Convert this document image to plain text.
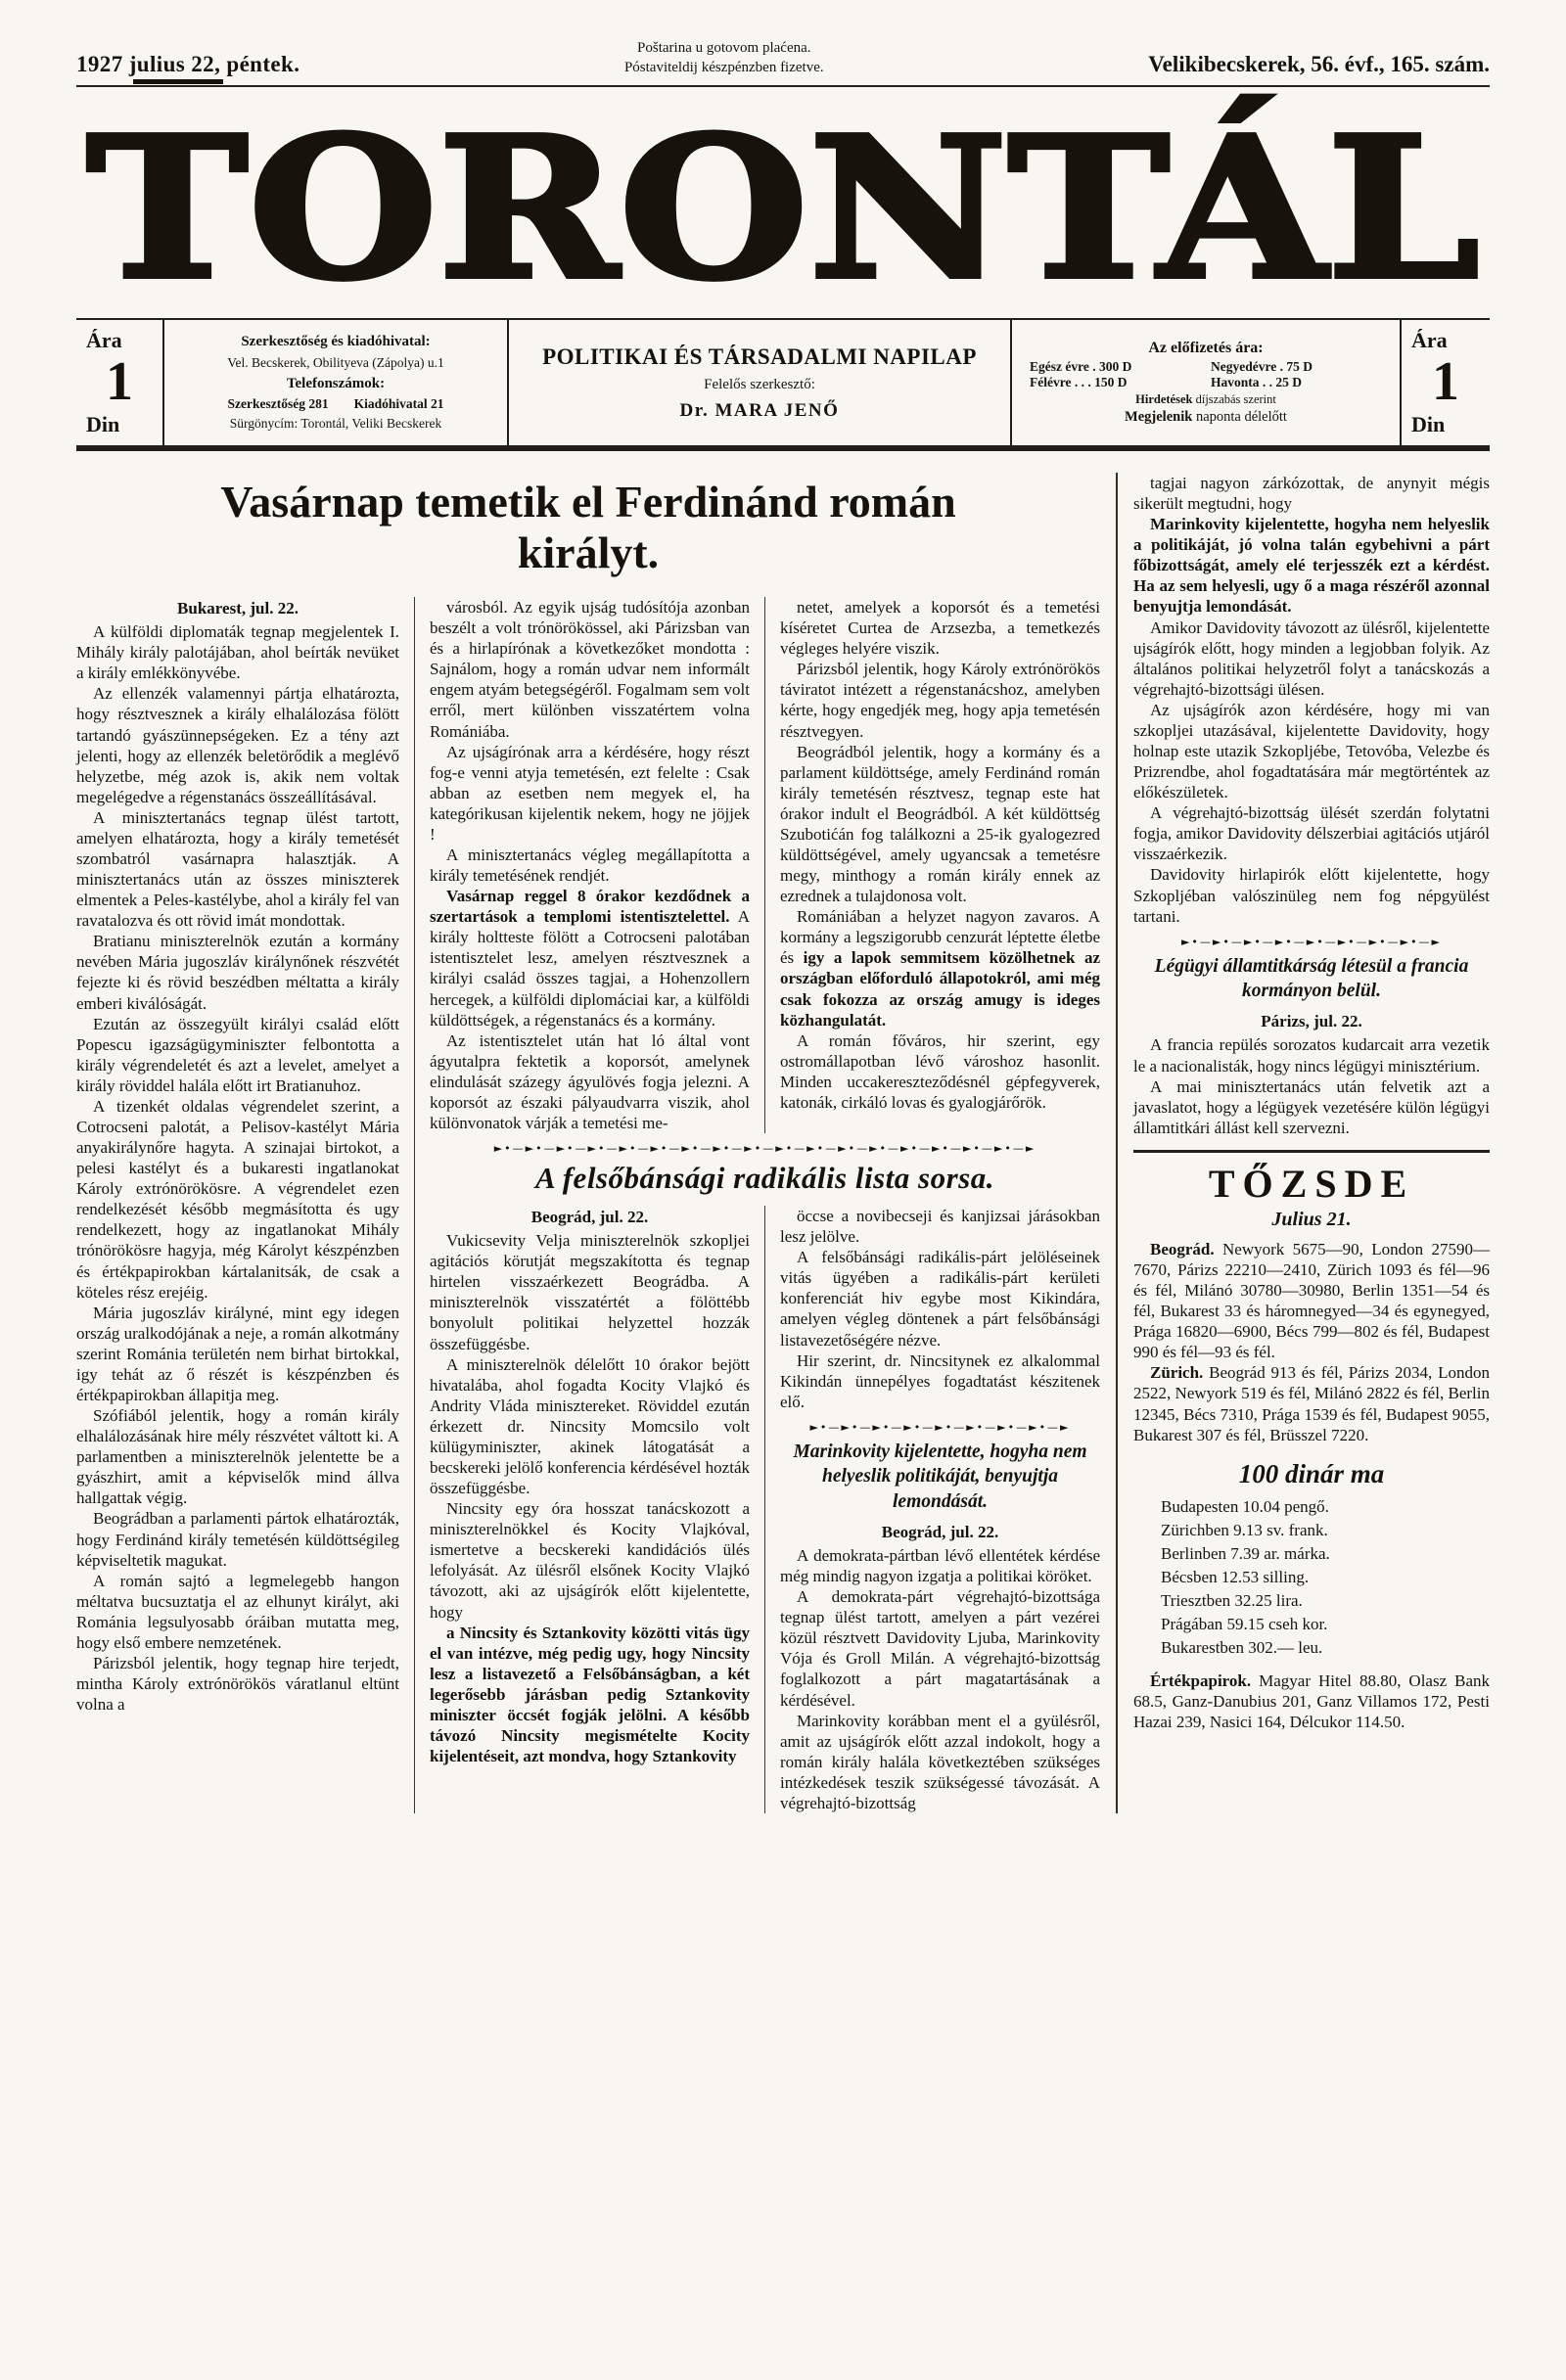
1927 julius 22, péntek.
Poštarina u gotovom plaćena.
Póstaviteldij készpénzben fizetve.	Velikibecskerek, 56. évf., 165. szám.
TORONTÁL
Ára
1
Din
Szerkesztőség és kiadóhivatal:
Vel. Becskerek, Obilityeva (Zápolya) u.1
Telefonszámok:
Szerkesztőség 281 Kiadóhivatal 21
Sürgönycím: Torontál, Veliki Becskerek
POLITIKAI ÉS TÁRSADALMI NAPILAP
Felelős szerkesztő:
Dr. MARA JENŐ
Az előfizetés ára:
Egész évre . 300 D	Negyedévre . 75 D
Félévre . . . 150 D	Havonta . . 25 D
Hirdetések díjszabás szerint
Megjelenik naponta délelőtt
Ára
1
Din
Vasárnap temetik el Ferdinánd román
királyt.

Bukarest, jul. 22.

A külföldi diplomaták tegnap megjelentek I. Mihály király palotájában, ahol beírták nevüket a király emlékkönyvébe.

Az ellenzék valamennyi pártja elhatározta, hogy résztvesznek a király elhalálozása fölött tartandó gyászünnepségeken. Ez a tény azt jelenti, hogy az ellenzék beletörődik a meglévő helyzetbe, még azok is, akik nem voltak megelégedve a régenstanács összeállításával.

A minisztertanács tegnap ülést tartott, amelyen elhatározta, hogy a király temetését szombatról vasárnapra halasztják. A minisztertanács után az összes miniszterek elmentek a Peles-kastélybe, ahol a király fel van ravatalozva és ott rövid imát mondottak.

Bratianu miniszterelnök ezután a kormány nevében Mária jugoszláv királynőnek részvétét fejezte ki és rövid beszédben méltatta a király emberi kiválóságát.

Ezután az összegyült királyi család előtt Popescu igazságügyminiszter felbontotta a király végrendeletét és azt a levelet, amelyet a király röviddel halála előtt irt Bratianuhoz.

A tizenkét oldalas végrendelet szerint, a Cotrocseni palotát, a Pelisov-kastélyt Mária anyakirálynőre hagyta. A szinajai birtokot, a pelesi kastélyt és a bukaresti ingatlanokat Károly extrónörökösre. A végrendelet ezen rendelkezését később megmásította és ugy rendelkezett, hogy az ingatlanokat Mihály trónörökösre hagyja, még Károlyt készpénzben és értékpapirokban kártalanitsák, de csak a köteles rész erejéig.

Mária jugoszláv királyné, mint egy idegen ország uralkodójának a neje, a román alkotmány szerint Románia területén nem birhat birtokkal, igy tehát az ő részét is készpénzben és értékpapirokban állapitja meg.

Szófiából jelentik, hogy a román király elhalálozásának hire mély részvétet váltott ki. A parlamentben a miniszterelnök jelentette be a gyászhirt, amit a képviselők mind állva hallgattak végig.

Beográdban a parlamenti pártok elhatározták, hogy Ferdinánd király temetésén küldöttségileg képviseltetik magukat.

A román sajtó a legmelegebb hangon méltatva bucsuztatja el az elhunyt királyt, aki Románia legsulyosabb óráiban mutatta meg, hogy első embere nemzetének.

Párizsból jelentik, hogy tegnap hire terjedt, mintha Károly extrónörökös váratlanul eltünt volna a

városból. Az egyik ujság tudósítója azonban beszélt a volt trónörökössel, aki Párizsban van és a hirlapírónak a következőket mondotta : Sajnálom, hogy a román udvar nem informált engem atyám betegségéről. Fogalmam sem volt erről, mert különben visszatértem volna Romániába.

Az ujságírónak arra a kérdésére, hogy részt fog-e venni atyja temetésén, ezt felelte : Csak abban az esetben nem megyek el, ha kategórikusan kijelentik nekem, hogy ne jöjjek !

A minisztertanács végleg megállapította a király temetésének rendjét.

Vasárnap reggel 8 órakor kezdődnek a szertartások a templomi istentisztelettel. A király holtteste fölött a Cotrocseni palotában istentisztelet lesz, amelyen résztvesznek a királyi család összes tagjai, a Hohenzollern hercegek, a külföldi diplomáciai kar, a külföldi küldöttségek, a régenstanács és a kormány.

Az istentisztelet után hat ló által vont ágyutalpra fektetik a koporsót, amelynek elindulását százegy ágyulövés fogja jelezni. A koporsót az északi pályaudvarra viszik, ahol különvonatok várják a temetési me-

netet, amelyek a koporsót és a temetési kíséretet Curtea de Arzsezba, a temetkezés végleges helyére viszik.

Párizsból jelentik, hogy Károly extrónörökös táviratot intézett a régenstanácshoz, amelyben kérte, hogy engedjék meg, hogy apja temetésén résztvegyen.

Beográdból jelentik, hogy a kormány és a parlament küldöttsége, amely Ferdinánd román király temetésén résztvesz, tegnap este hat órakor indult el Beográdból. A két küldöttség Szubotićán fog találkozni a 25-ik gyalogezred küldöttségével, amely ugyancsak a temetésre megy, minthogy a román király ennek az ezrednek a tulajdonosa volt.

Romániában a helyzet nagyon zavaros. A kormány a legszigorubb cenzurát léptette életbe és igy a lapok semmitsem közölhetnek az országban előforduló állapotokról, ami még csak fokozza az ország amugy is ideges közhangulatát.

A román főváros, hir szerint, egy ostromállapotban lévő városhoz hasonlit. Minden uccakereszteződésnél gépfegyverek, katonák, cirkáló lovas és gyalogjárőrök.

►•—►•—►•—►•—►•—►•—►•—►•—►•—►•—►•—►•—►•—►•—►•—►•—►•—►
A felsőbánsági radikális lista sorsa.

Beográd, jul. 22.

Vukicsevity Velja miniszterelnök szkopljei agitációs körutját megszakította és tegnap hirtelen visszaérkezett Beográdba. A miniszterelnök visszatértét a fölöttébb bonyolult politikai helyzettel hozzák összefüggésbe.

A miniszterelnök délelőtt 10 órakor bejött hivatalába, ahol fogadta Kocity Vlajkó és Andrity Vláda minisztereket. Röviddel ezután érkezett dr. Nincsity Momcsilo volt külügyminiszter, akinek látogatását a becskereki jelölő konferencia kérdésével hozták összefüggésbe.

Nincsity egy óra hosszat tanácskozott a miniszterelnökkel és Kocity Vlajkóval, ismertetve a becskereki kandidációs ülés lefolyását. Az ülésről elsőnek Kocity Vlajkó távozott, aki az ujságírók előtt kijelentette, hogy

a Nincsity és Sztankovity közötti vitás ügy el van intézve, még pedig ugy, hogy Nincsity lesz a listavezető a Felsőbánságban, a két legerősebb járásban pedig Sztankovity miniszter öccsét fogják jelölni. A később távozó Nincsity megismételte Kocity kijelentéseit, azt mondva, hogy Sztankovity

öccse a novibecseji és kanjizsai járásokban lesz jelölve.

A felsőbánsági radikális-párt jelöléseinek vitás ügyében a radikális-párt kerületi konferenciát hiv egybe most Kikindára, amelyen végleg döntenek a párt felsőbánsági listavezetőségére nézve.

Hir szerint, dr. Nincsitynek ez alkalommal Kikindán ünnepélyes fogadtatást készitenek elő.

►•—►•—►•—►•—►•—►•—►•—►•—►
Marinkovity kijelentette, hogyha nem helyeslik politikáját, benyujtja lemondását.

Beográd, jul. 22.

A demokrata-pártban lévő ellentétek kérdése még mindig nagyon izgatja a politikai köröket.

A demokrata-párt végrehajtó-bizottsága tegnap ülést tartott, amelyen a párt vezérei közül résztvett Davidovity Ljuba, Marinkovity Vója és Groll Milán. A végrehajtó-bizottság foglalkozott a párt magatartásának a kérdésével.

Marinkovity korábban ment el a gyülésről, amit az ujságírók előtt azzal indokolt, hogy a román király halála következtében szükséges intézkedések teszik szükségessé távozását. A végrehajtó-bizottság

tagjai nagyon zárkózottak, de anynyit mégis sikerült megtudni, hogy

Marinkovity kijelentette, hogyha nem helyeslik a politikáját, jó volna talán egybehivni a párt főbizottságát, amely elé terjesszék ezt a kérdést. Ha az sem helyesli, ugy ő a maga részéről azonnal benyujtja lemondását.

Amikor Davidovity távozott az ülésről, kijelentette ujságírók előtt, hogy minden a legjobban folyik. Az általános politikai helyzetről folyt a tanácskozás a végrehajtó-bizottsági ülésen.

Az ujságírók azon kérdésére, hogy mi van szkopljei utazásával, kijelentette Davidovity, hogy holnap este utazik Szkopljébe, Tetovóba, Velezbe és Prizrendbe, ahol fogadtatására már megtörténtek az előkészületek.

A végrehajtó-bizottság ülését szerdán folytatni fogja, amikor Davidovity délszerbiai agitációs utjáról visszaérkezik.

Davidovity hirlapirók előtt kijelentette, hogy Szkopljéban valószinüleg nem fog népgyülést tartani.

►•—►•—►•—►•—►•—►•—►•—►•—►
Légügyi államtitkárság létesül a francia kormányon belül.

Párizs, jul. 22.

A francia repülés sorozatos kudarcait arra vezetik le a nacionalisták, hogy nincs légügyi minisztérium.

A mai minisztertanács után felvetik azt a javaslatot, hogy a légügyek vezetésére külön légügyi államtitkári állást kell szervezni.

TŐZSDE
Julius 21.

Beográd. Newyork 5675—90, London 27590—7670, Párizs 22210—2410, Zürich 1093 és fél—96 és fél, Milánó 30780—30980, Berlin 1351—54 és fél, Bukarest 33 és háromnegyed—34 és egynegyed, Prága 16820—6900, Bécs 799—802 és fél, Budapest 990 és fél—93 és fél.

Zürich. Beográd 913 és fél, Párizs 2034, London 2522, Newyork 519 és fél, Milánó 2822 és fél, Berlin 12345, Bécs 7310, Prága 1539 és fél, Budapest 9055, Bukarest 307 és fél, Brüsszel 7220.

100 dinár ma

Budapesten 10.04 pengő.

Zürichben 9.13 sv. frank.

Berlinben 7.39 ar. márka.

Bécsben 12.53 silling.

Triesztben 32.25 lira.

Prágában 59.15 cseh kor.

Bukarestben 302.— leu.

Értékpapirok. Magyar Hitel 88.80, Olasz Bank 68.5, Ganz-Danubius 201, Ganz Villamos 172, Pesti Hazai 239, Nasici 164, Délcukor 114.50.
